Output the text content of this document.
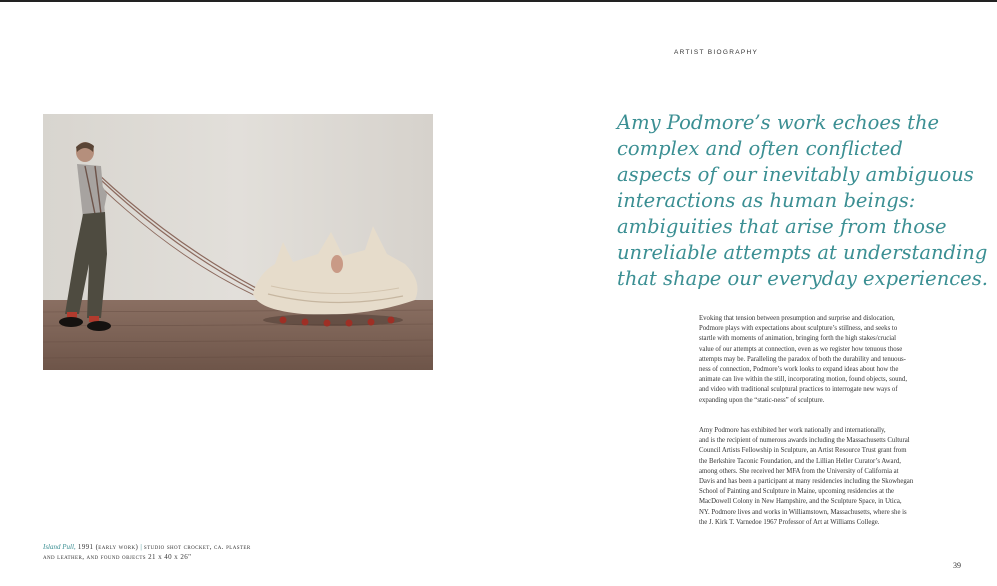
ARTIST BIOGRAPHY
Island Pull, 1991 (early work) | studio shot crocket, ca. plaster
and leather, and found objects 21 x 40 x 26"
Amy Podmore’s work echoes the
complex and often conflicted
aspects of our inevitably ambiguous
interactions as human beings:
ambiguities that arise from those
unreliable attempts at understanding
that shape our everyday experiences.
Evoking that tension between presumption and surprise and dislocation,
Podmore plays with expectations about sculpture’s stillness, and seeks to
startle with moments of animation, bringing forth the high stakes/crucial
value of our attempts at connection, even as we register how tenuous those
attempts may be. Paralleling the paradox of both the durability and tenuous-
ness of connection, Podmore’s work looks to expand ideas about how the
animate can live within the still, incorporating motion, found objects, sound,
and video with traditional sculptural practices to interrogate new ways of
expanding upon the “static-ness” of sculpture.
Amy Podmore has exhibited her work nationally and internationally,
and is the recipient of numerous awards including the Massachusetts Cultural
Council Artists Fellowship in Sculpture, an Artist Resource Trust grant from
the Berkshire Taconic Foundation, and the Lillian Heller Curator’s Award,
among others. She received her MFA from the University of California at
Davis and has been a participant at many residencies including the Skowhegan
School of Painting and Sculpture in Maine, upcoming residencies at the
MacDowell Colony in New Hampshire, and the Sculpture Space, in Utica,
NY. Podmore lives and works in Williamstown, Massachusetts, where she is
the J. Kirk T. Varnedoe 1967 Professor of Art at Williams College.
39
